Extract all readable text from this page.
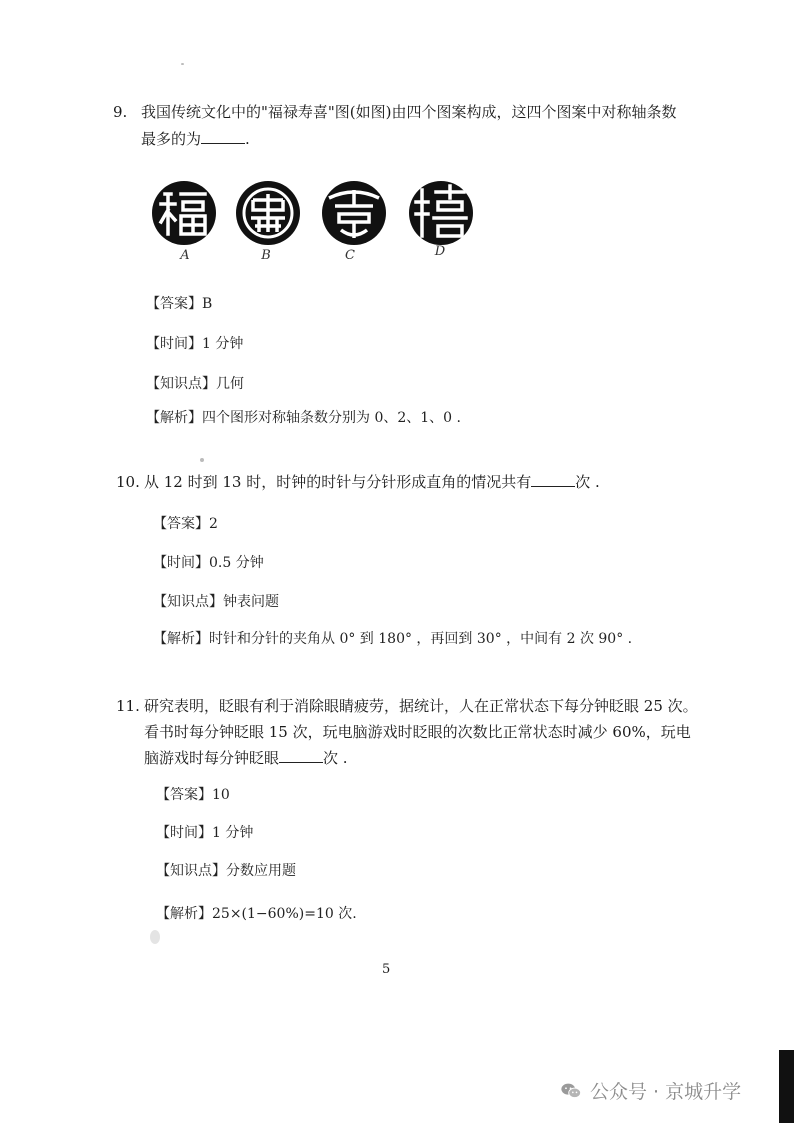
9. 我国传统文化中的"福禄寿喜"图(如图)由四个图案构成，这四个图案中对称轴条数
最多的为	.
A	B	C	D
【答案】B
【时间】1 分钟
【知识点】几何
【解析】四个图形对称轴条数分别为 0、2、1、0 .
10. 从 12 时到 13 时，时钟的时针与分针形成直角的情况共有	次 .
【答案】2
【时间】0.5 分钟
【知识点】钟表问题
【解析】时针和分针的夹角从 0° 到 180° ，再回到 30° ，中间有 2 次 90° .
11. 研究表明，眨眼有利于消除眼睛疲劳，据统计，人在正常状态下每分钟眨眼 25 次。
看书时每分钟眨眼 15 次，玩电脑游戏时眨眼的次数比正常状态时减少 60%，玩电
脑游戏时每分钟眨眼	次 .
【答案】10
【时间】1 分钟
【知识点】分数应用题
【解析】25×(1−60%)=10 次.
5
公众号 · 京城升学
